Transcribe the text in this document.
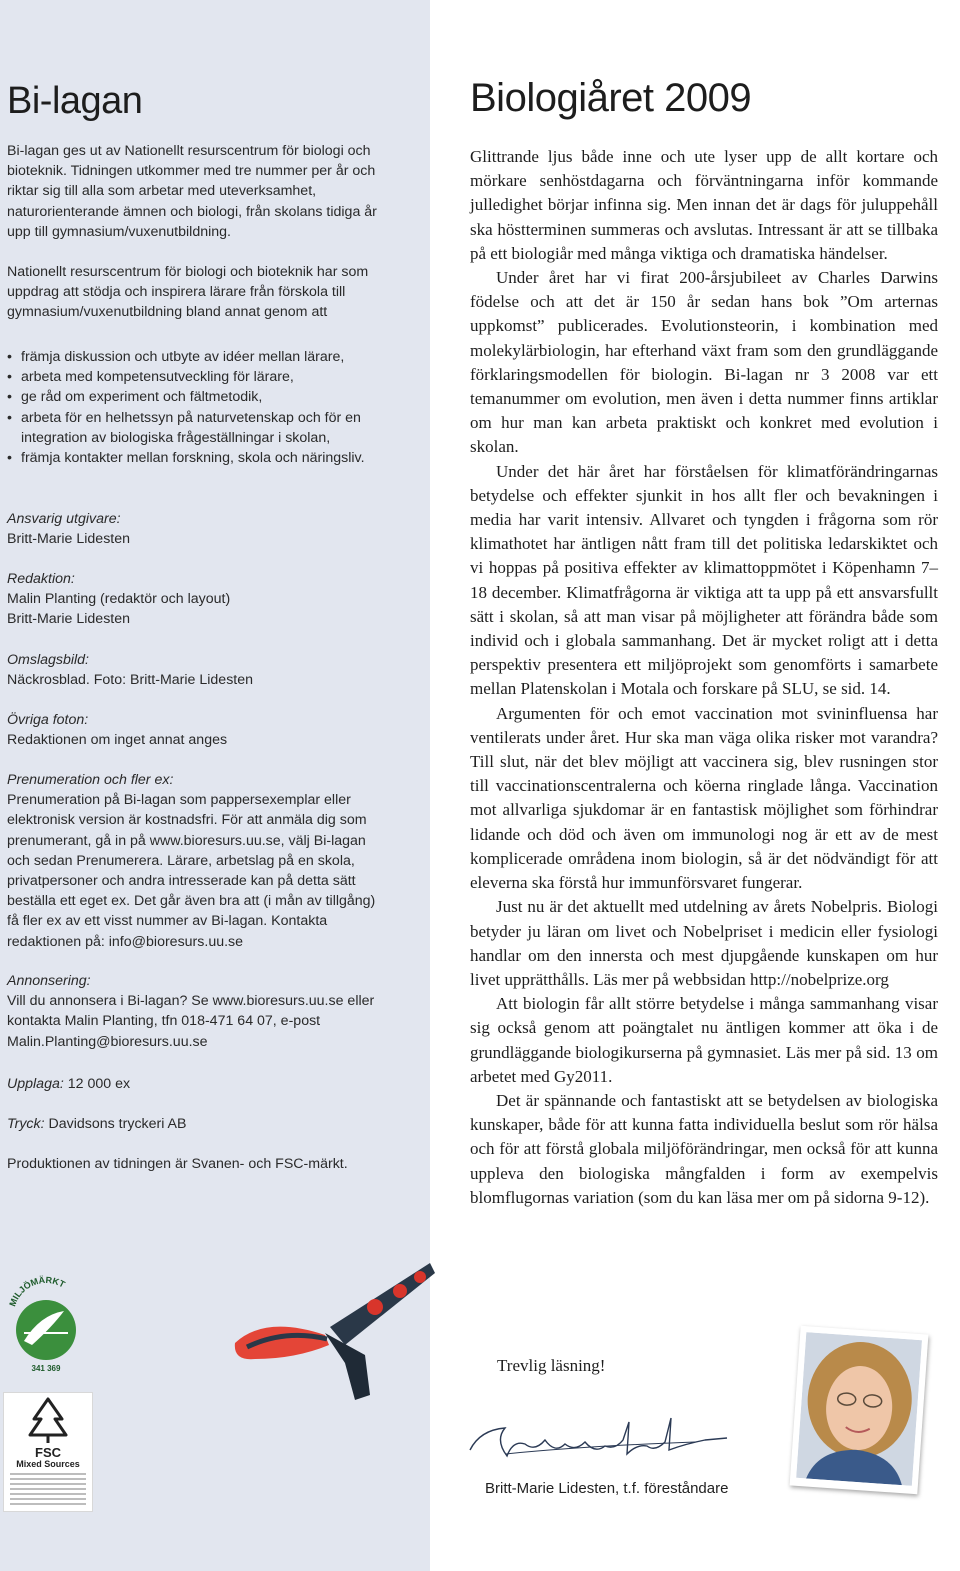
Bi-lagan

Bi-lagan ges ut av Nationellt resurscentrum för biologi och bioteknik. Tidningen utkommer med tre nummer per år och riktar sig till alla som arbetar med uteverksamhet, naturorienterande ämnen och biologi, från skolans tidiga år upp till gymnasium/vuxenutbildning.

Nationellt resurscentrum för biologi och bioteknik har som uppdrag att stödja och inspirera lärare från förskola till gymnasium/vuxenutbildning bland annat genom att

• främja diskussion och utbyte av idéer mellan lärare,
• arbeta med kompetensutveckling för lärare,
• ge råd om experiment och fältmetodik,
• arbeta för en helhetssyn på naturvetenskap och för en integration av biologiska frågeställningar i skolan,
• främja kontakter mellan forskning, skola och näringsliv.
Ansvarig utgivare:
Britt-Marie Lidesten
Redaktion:
Malin Planting (redaktör och layout)
Britt-Marie Lidesten
Omslagsbild:
Näckrosblad. Foto: Britt-Marie Lidesten
Övriga foton:
Redaktionen om inget annat anges
Prenumeration och fler ex:
Prenumeration på Bi-lagan som pappersexemplar eller elektronisk version är kostnadsfri. För att anmäla dig som prenumerant, gå in på www.bioresurs.uu.se, välj Bi-lagan och sedan Prenumerera. Lärare, arbetslag på en skola, privatpersoner och andra intresserade kan på detta sätt beställa ett eget ex. Det går även bra att (i mån av tillgång) få fler ex av ett visst nummer av Bi-lagan. Kontakta redaktionen på: info@bioresurs.uu.se
Annonsering:
Vill du annonsera i Bi-lagan? Se www.bioresurs.uu.se eller kontakta Malin Planting, tfn 018-471 64 07, e-post Malin.Planting@bioresurs.uu.se

Upplaga: 12 000 ex

Tryck: Davidsons tryckeri AB

Produktionen av tidningen är Svanen- och FSC-märkt.

MILJÖMÄRKT
341 369
FSC
Mixed Sources
Biologiåret 2009

Glittrande ljus både inne och ute lyser upp de allt kortare och mörkare senhöstdagarna och förväntningarna inför kommande julledighet börjar infinna sig. Men innan det är dags för juluppehåll ska höstterminen summeras och avslutas. Intressant är att se tillbaka på ett biologiår med många viktiga och dramatiska händelser.

Under året har vi firat 200-årsjubileet av Charles Darwins födelse och att det är 150 år sedan hans bok ”Om arternas uppkomst” publicerades. Evolutionsteorin, i kombination med molekylärbiologin, har efterhand växt fram som den grundläggande förklaringsmodellen för biologin. Bi-lagan nr 3 2008 var ett temanummer om evolution, men även i detta nummer finns artiklar om hur man kan arbeta praktiskt och konkret med evolution i skolan.

Under det här året har förståelsen för klimatförändringarnas betydelse och effekter sjunkit in hos allt fler och bevakningen i media har varit intensiv. Allvaret och tyngden i frågorna som rör klimathotet har äntligen nått fram till det politiska ledarskiktet och vi hoppas på positiva effekter av klimattoppmötet i Köpenhamn 7–18 december. Klimatfrågorna är viktiga att ta upp på ett ansvarsfullt sätt i skolan, så att man visar på möjligheter att förändra både som individ och i globala sammanhang. Det är mycket roligt att i detta perspektiv presentera ett miljöprojekt som genomförts i samarbete mellan Platenskolan i Motala och forskare på SLU, se sid. 14.

Argumenten för och emot vaccination mot svininfluensa har ventilerats under året. Hur ska man väga olika risker mot varandra? Till slut, när det blev möjligt att vaccinera sig, blev rusningen stor till vaccinationscentralerna och köerna ringlade långa. Vaccination mot allvarliga sjukdomar är en fantastisk möjlighet som förhindrar lidande och död och även om immunologi nog är ett av de mest komplicerade områdena inom biologin, så är det nödvändigt för att eleverna ska förstå hur immunförsvaret fungerar.

Just nu är det aktuellt med utdelning av årets Nobelpris. Biologi betyder ju läran om livet och Nobelpriset i medicin eller fysiologi handlar om den innersta och mest djupgående kunskapen om hur livet upprätthålls. Läs mer på webbsidan http://nobelprize.org

Att biologin får allt större betydelse i många sammanhang visar sig också genom att poängtalet nu äntligen kommer att öka i de grundläggande biologikurserna på gymnasiet. Läs mer på sid. 13 om arbetet med Gy2011.

Det är spännande och fantastiskt att se betydelsen av biologiska kunskaper, både för att kunna fatta individuella beslut som rör hälsa och för att förstå globala miljöförändringar, men också för att kunna uppleva den biologiska mångfalden i form av exempelvis blomflugornas variation (som du kan läsa mer om på sidorna 9-12).

Trevlig läsning!

Britt-Marie Lidesten, t.f. föreståndare
